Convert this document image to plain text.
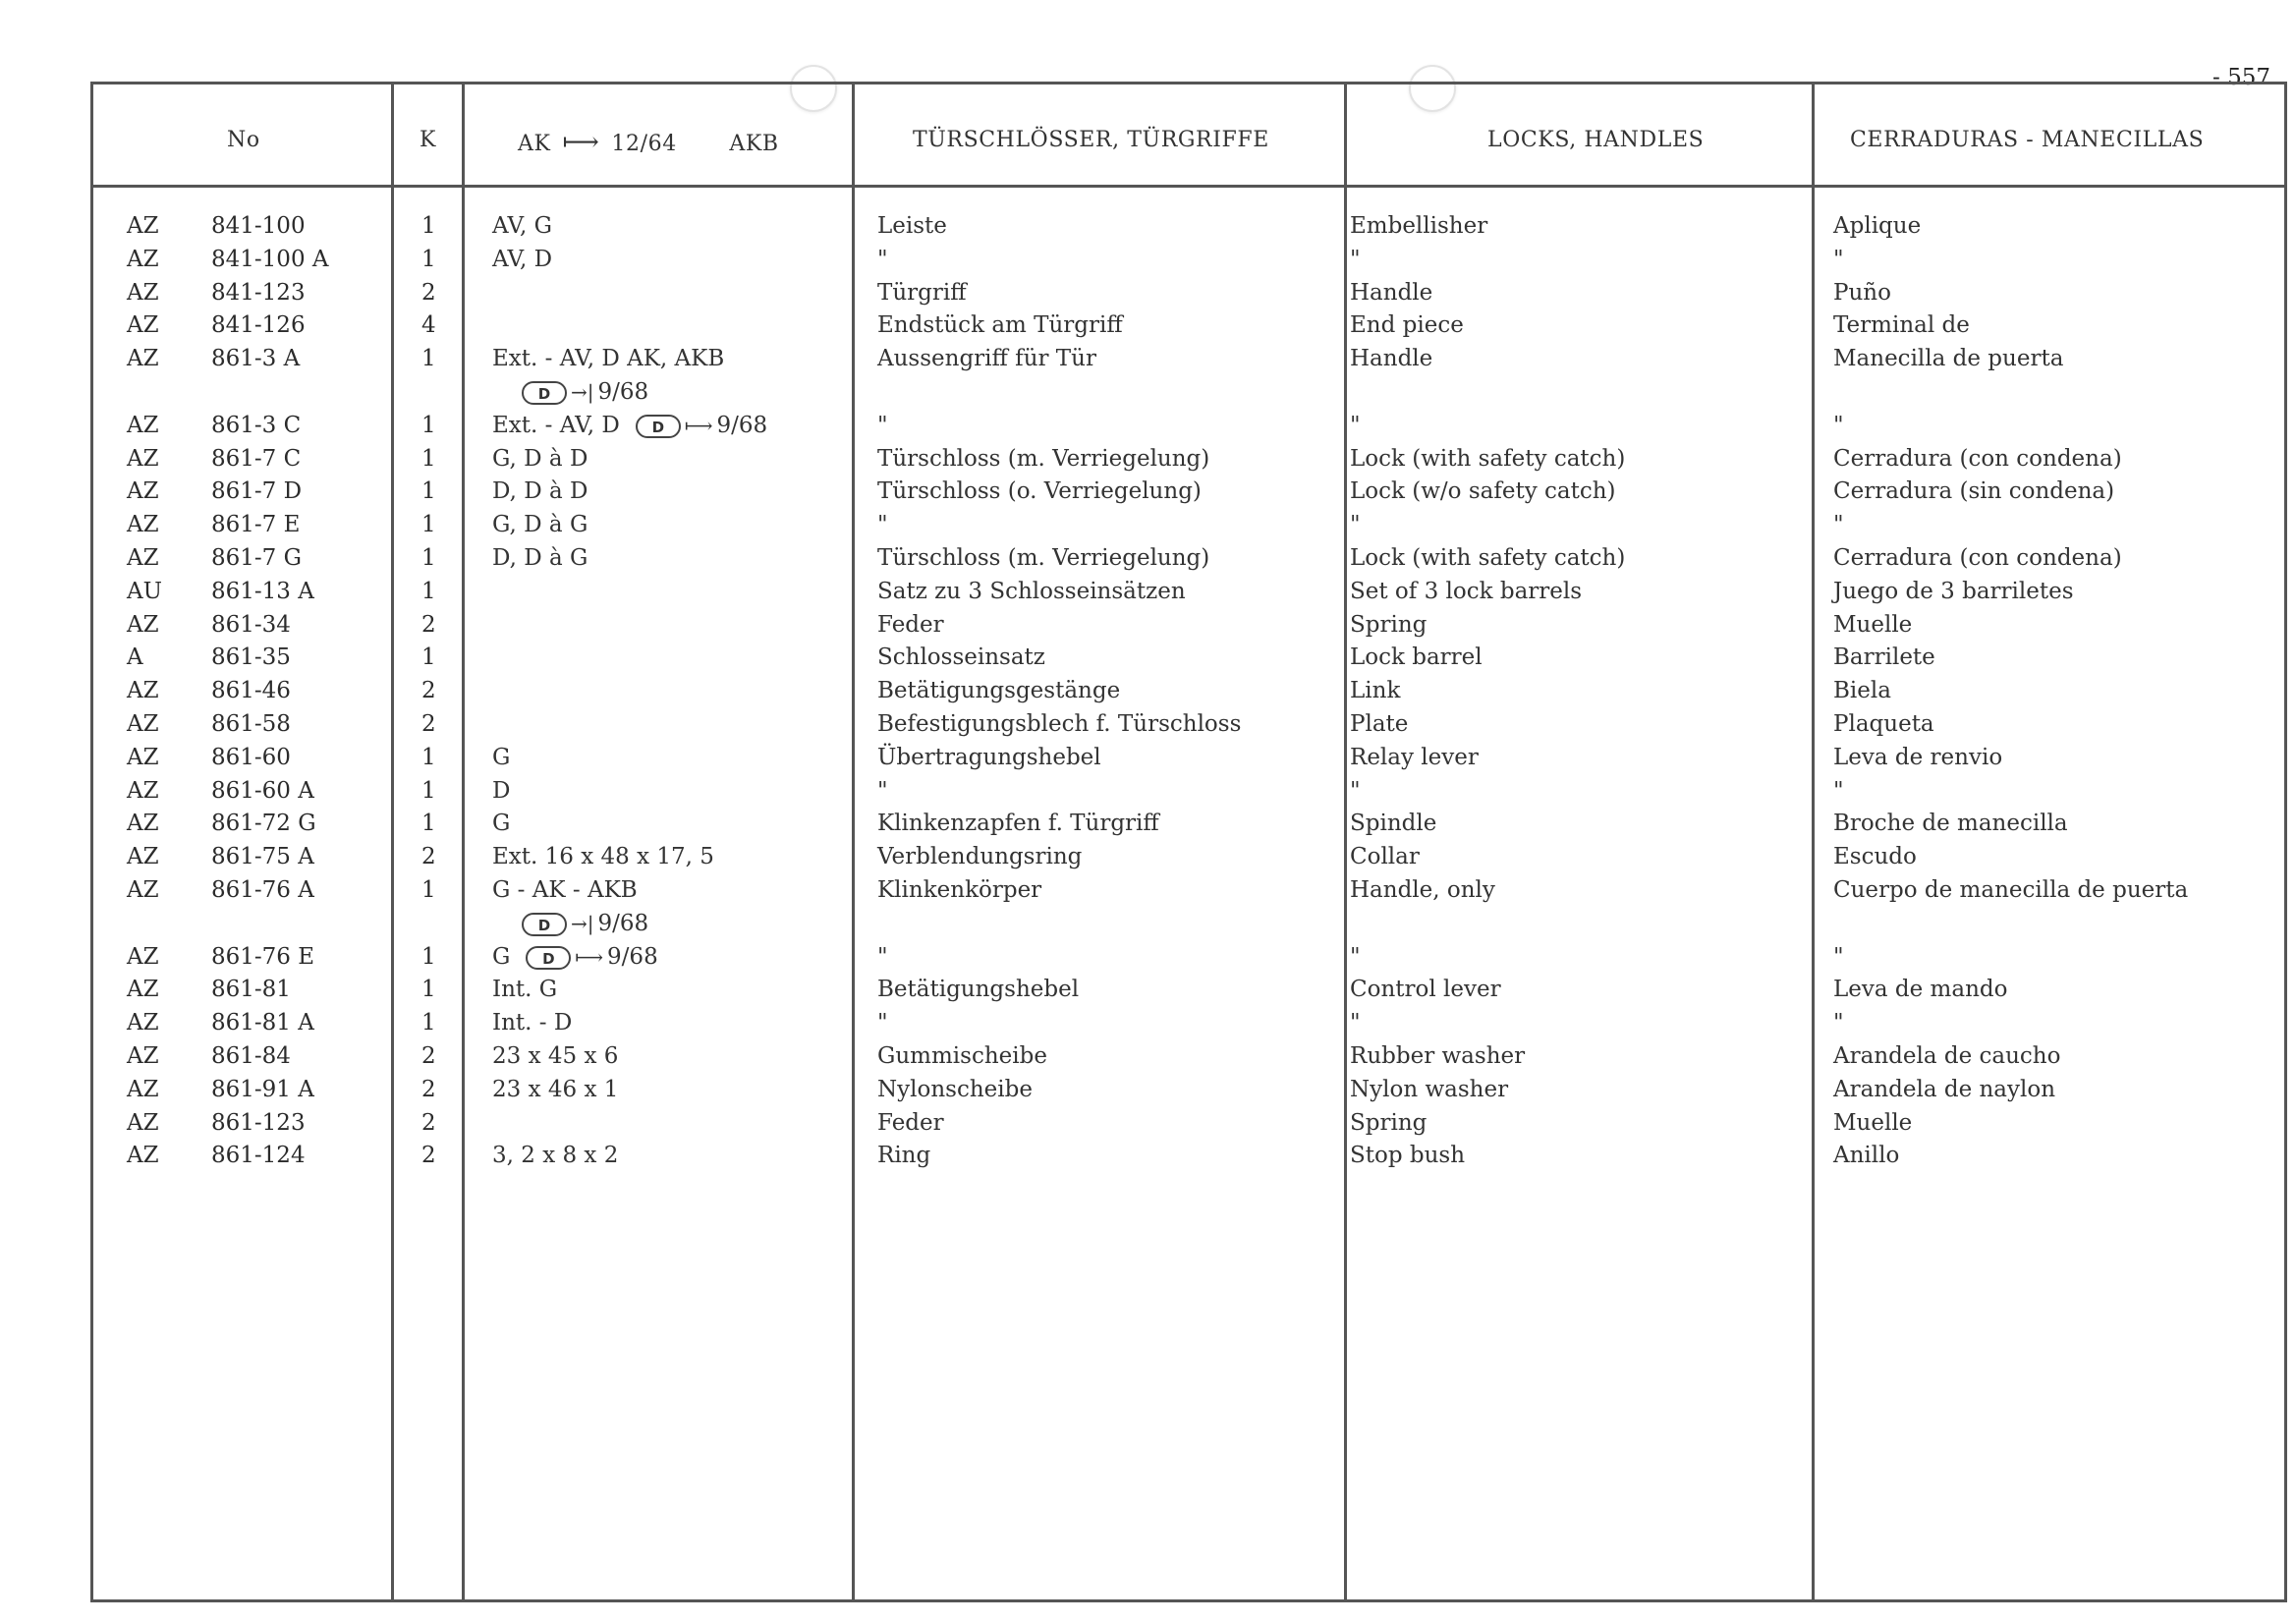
- 557
No	K	AK ⟼ 12/64 AKB	TÜRSCHLÖSSER, TÜRGRIFFE	LOCKS, HANDLES	CERRADURAS - MANECILLAS
AZ 841-100	1 AV, G	Leiste	Embellisher	Aplique
AZ 841-100 A	1 AV, D	"	"	"
AZ 841-123	2	Türgriff	Handle	Puño
AZ 841-126	4	Endstück am Türgriff	End piece	Terminal de
AZ 861-3 A	1 Ext. - AV, D AK, AKB	Aussengriff für Tür	Handle	Manecilla de puerta
D →| 9/68
AZ 861-3 C	1 Ext. - AV, D D ⟼ 9/68	"	"	"
AZ 861-7 C	1 G, D à D	Türschloss (m. Verriegelung)	Lock (with safety catch)	Cerradura (con condena)
AZ 861-7 D	1 D, D à D	Türschloss (o. Verriegelung)	Lock (w/o safety catch)	Cerradura (sin condena)
AZ 861-7 E	1 G, D à G	"	"	"
AZ 861-7 G	1 D, D à G	Türschloss (m. Verriegelung)	Lock (with safety catch)	Cerradura (con condena)
AU 861-13 A	1	Satz zu 3 Schlosseinsätzen	Set of 3 lock barrels	Juego de 3 barriletes
AZ 861-34	2	Feder	Spring	Muelle
A	861-35	1	Schlosseinsatz	Lock barrel	Barrilete
AZ 861-46	2	Betätigungsgestänge	Link	Biela
AZ 861-58	2	Befestigungsblech f. Türschloss	Plate	Plaqueta
AZ 861-60	1 G	Übertragungshebel	Relay lever	Leva de renvio
AZ 861-60 A	1 D	"	"	"
AZ 861-72 G	1 G	Klinkenzapfen f. Türgriff	Spindle	Broche de manecilla
AZ 861-75 A	2 Ext. 16 x 48 x 17, 5	Verblendungsring	Collar	Escudo
AZ 861-76 A	1 G - AK - AKB	Klinkenkörper	Handle, only	Cuerpo de manecilla de puerta
D →| 9/68
AZ 861-76 E	1 G D ⟼ 9/68	"	"	"
AZ 861-81	1 Int. G	Betätigungshebel	Control lever	Leva de mando
AZ 861-81 A	1 Int. - D	"	"	"
AZ 861-84	2 23 x 45 x 6	Gummischeibe	Rubber washer	Arandela de caucho
AZ 861-91 A	2 23 x 46 x 1	Nylonscheibe	Nylon washer	Arandela de naylon
AZ 861-123	2	Feder	Spring	Muelle
AZ 861-124	2 3, 2 x 8 x 2	Ring	Stop bush	Anillo
